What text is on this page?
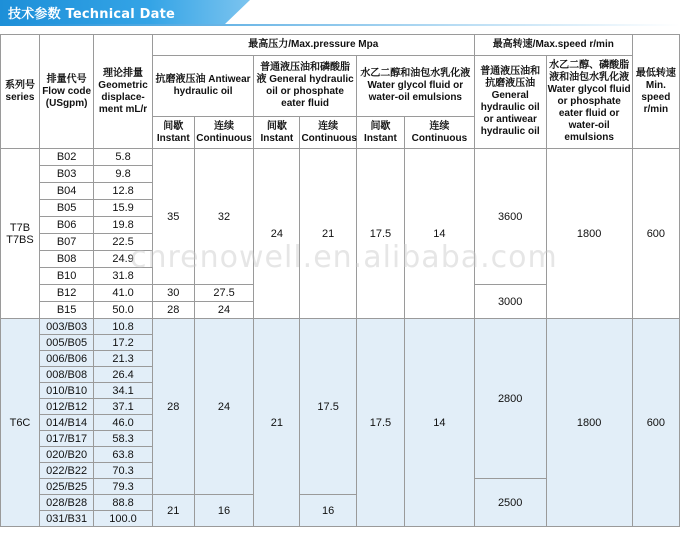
技术参数 Technical Date
系列号 series	排量代号 Flow code (USgpm)	理论排量 Geometric displace-ment mL/r	最高压力/Max.pressure Mpa						最高转速/Max.speed r/min		最低转速 Min. speed r/min
			抗磨液压油 Antiwear hydraulic oil		普通液压油和磷酸脂液 General hydraulic oil or phosphate eater fluid		水乙二醇和油包水乳化液 Water glycol fluid or water-oil emulsions		普通液压油和抗磨液压油 General hydraulic oil or antiwear hydraulic oil	水乙二醇、磷酸脂液和油包水乳化液 Water glycol fluid or phosphate eater fluid or water-oil emulsions	
			间歇 Instant	连续 Continuous	间歇 Instant	连续 Continuous	间歇 Instant	连续 Continuous			

T7B T7BS	B02	5.8	35	32	24	21	17.5	14	3600	1800	600
	B03	9.8									
	B04	12.8									
	B05	15.9									
	B06	19.8									
	B07	22.5									
	B08	24.9									
	B10	31.8									
	B12	41.0	30	27.5					3000		
	B15	50.0	28	24							
T6C	003/B03	10.8	28	24	21	17.5	17.5	14	2800	1800	600
	005/B05	17.2									
	006/B06	21.3									
	008/B08	26.4									
	010/B10	34.1									
	012/B12	37.1									
	014/B14	46.0									
	017/B17	58.3									
	020/B20	63.8									
	022/B22	70.3									
	025/B25	79.3							2500		
	028/B28	88.8	21	16		16					
	031/B31	100.0									
cnrenowell.en.alibaba.com
